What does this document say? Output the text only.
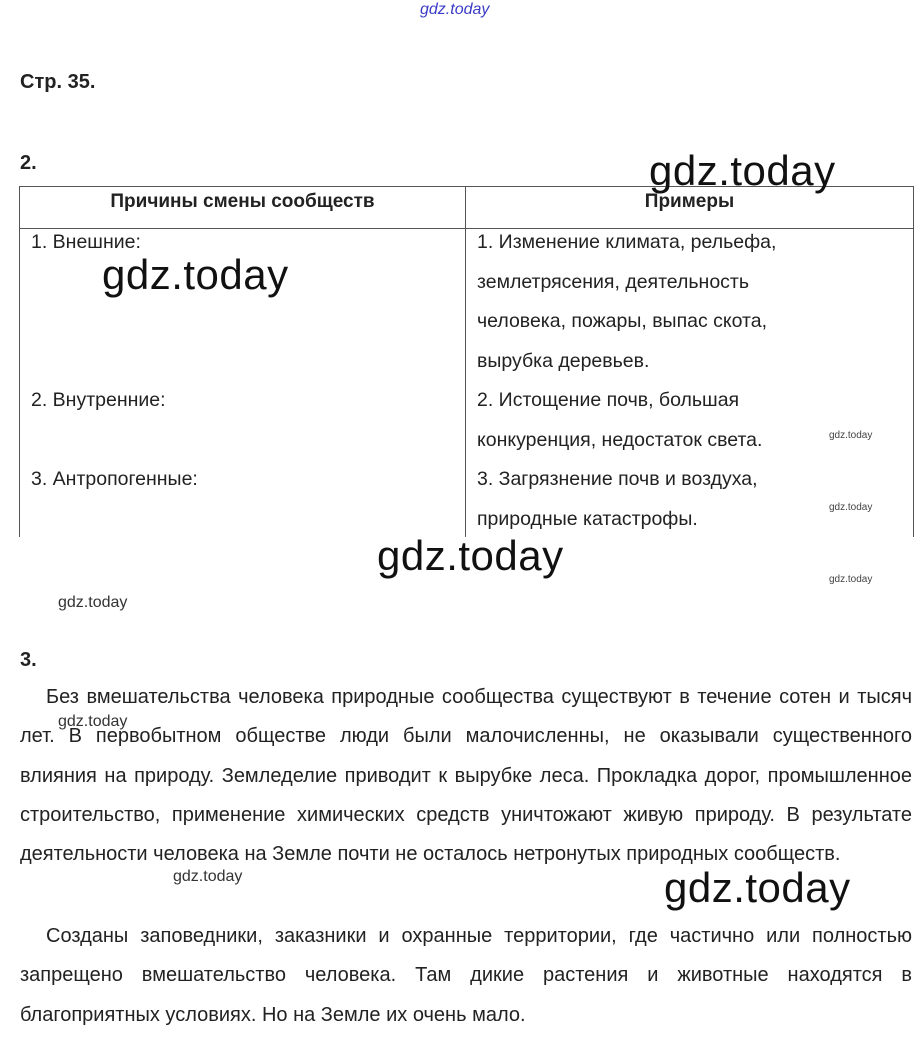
Стр. 35.
2.
Причины смены сообществ	Примеры
1. Внешние:
2. Внутренние:
3. Антропогенные:
1. Изменение климата, рельефа,
землетрясения, деятельность
человека, пожары, выпас скота,
вырубка деревьев.
2. Истощение почв, большая
конкуренция, недостаток света.
3. Загрязнение почв и воздуха,
природные катастрофы.
3.

Без вмешательства человека природные сообщества существуют в течение сотен и тысяч лет. В первобытном обществе люди были малочисленны, не оказывали существенного влияния на природу. Земледелие приводит к вырубке леса. Прокладка дорог, промышленное строительство, применение химических средств уничтожают живую природу. В результате деятельности человека на Земле почти не осталось нетронутых природных сообществ.

Созданы заповедники, заказники и охранные территории, где частично или полностью запрещено вмешательство человека. Там дикие растения и животные находятся в благоприятных условиях. Но на Земле их очень мало.

gdz.today
gdz.today
gdz.today
gdz.today
gdz.today
gdz.today
gdz.today
gdz.today
gdz.today
gdz.today	gdz.today
